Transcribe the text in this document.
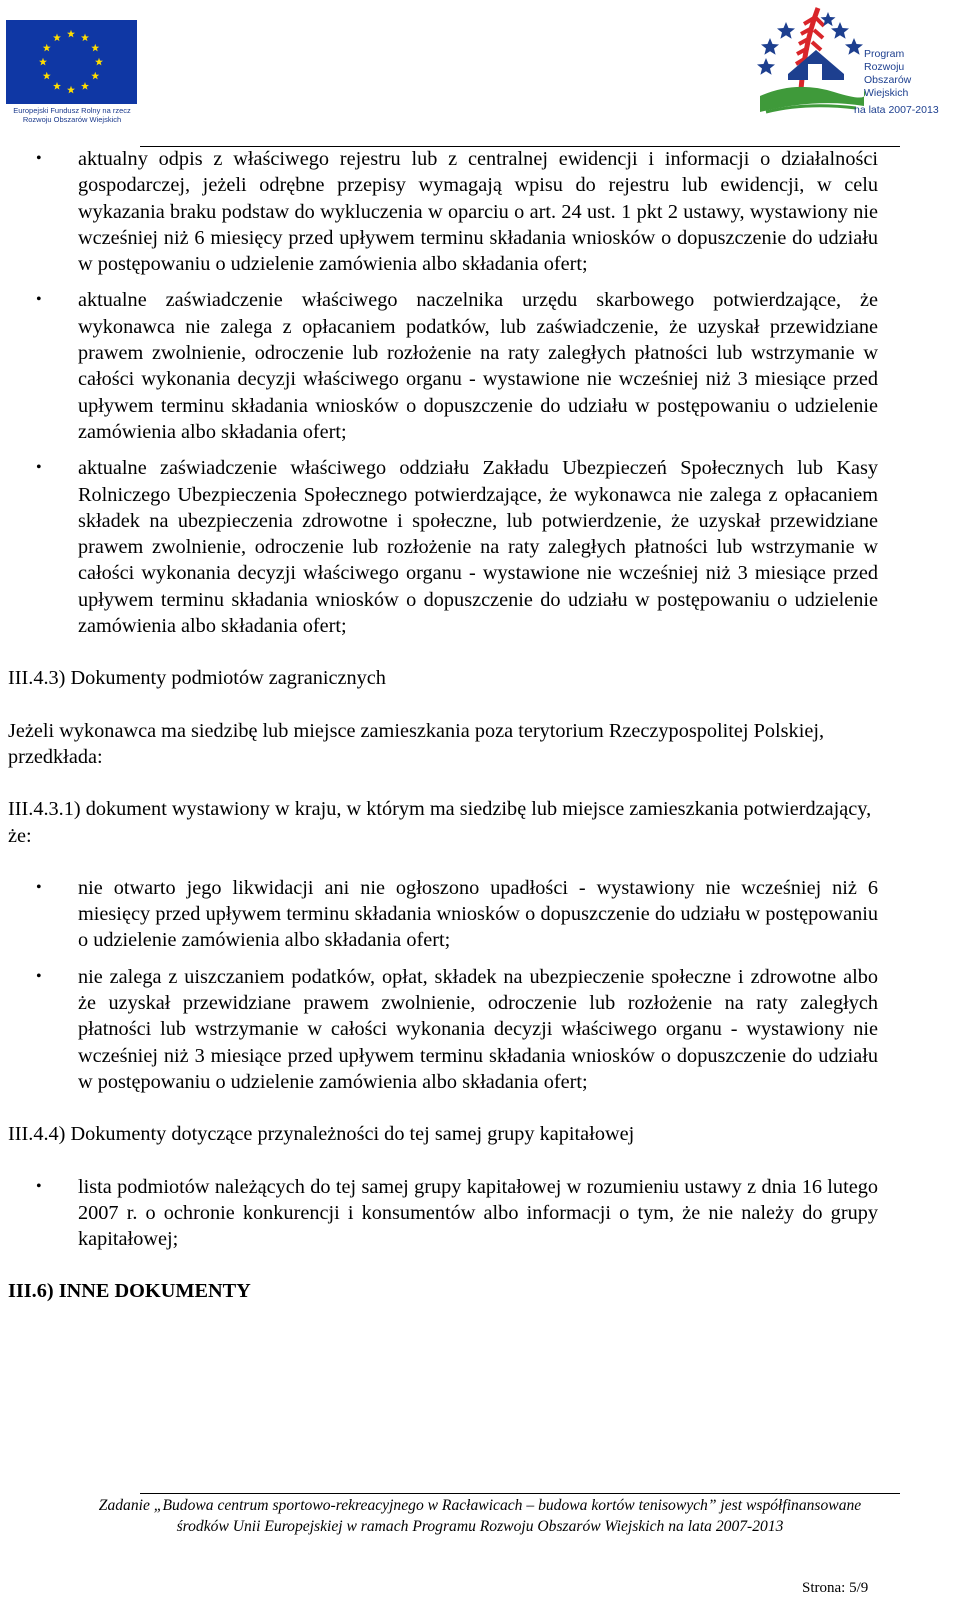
Europejski Fundusz Rolny na rzecz
Rozwoju Obszarów Wiejskich
Program
Rozwoju
Obszarów
Wiejskich
na lata 2007-2013
• aktualny odpis z właściwego rejestru lub z centralnej ewidencji i informacji o działalności gospodarczej, jeżeli odrębne przepisy wymagają wpisu do rejestru lub ewidencji, w celu wykazania braku podstaw do wykluczenia w oparciu o art. 24 ust. 1 pkt 2 ustawy, wystawiony nie wcześniej niż 6 miesięcy przed upływem terminu składania wniosków o dopuszczenie do udziału w postępowaniu o udzielenie zamówienia albo składania ofert;
• aktualne zaświadczenie właściwego naczelnika urzędu skarbowego potwierdzające, że wykonawca nie zalega z opłacaniem podatków, lub zaświadczenie, że uzyskał przewidziane prawem zwolnienie, odroczenie lub rozłożenie na raty zaległych płatności lub wstrzymanie w całości wykonania decyzji właściwego organu - wystawione nie wcześniej niż 3 miesiące przed upływem terminu składania wniosków o dopuszczenie do udziału w postępowaniu o udzielenie zamówienia albo składania ofert;
• aktualne zaświadczenie właściwego oddziału Zakładu Ubezpieczeń Społecznych lub Kasy Rolniczego Ubezpieczenia Społecznego potwierdzające, że wykonawca nie zalega z opłacaniem składek na ubezpieczenia zdrowotne i społeczne, lub potwierdzenie, że uzyskał przewidziane prawem zwolnienie, odroczenie lub rozłożenie na raty zaległych płatności lub wstrzymanie w całości wykonania decyzji właściwego organu - wystawione nie wcześniej niż 3 miesiące przed upływem terminu składania wniosków o dopuszczenie do udziału w postępowaniu o udzielenie zamówienia albo składania ofert;

III.4.3) Dokumenty podmiotów zagranicznych

Jeżeli wykonawca ma siedzibę lub miejsce zamieszkania poza terytorium Rzeczypospolitej Polskiej, przedkłada:

III.4.3.1) dokument wystawiony w kraju, w którym ma siedzibę lub miejsce zamieszkania potwierdzający, że:

• nie otwarto jego likwidacji ani nie ogłoszono upadłości - wystawiony nie wcześniej niż 6 miesięcy przed upływem terminu składania wniosków o dopuszczenie do udziału w postępowaniu o udzielenie zamówienia albo składania ofert;
• nie zalega z uiszczaniem podatków, opłat, składek na ubezpieczenie społeczne i zdrowotne albo że uzyskał przewidziane prawem zwolnienie, odroczenie lub rozłożenie na raty zaległych płatności lub wstrzymanie w całości wykonania decyzji właściwego organu - wystawiony nie wcześniej niż 3 miesiące przed upływem terminu składania wniosków o dopuszczenie do udziału w postępowaniu o udzielenie zamówienia albo składania ofert;

III.4.4) Dokumenty dotyczące przynależności do tej samej grupy kapitałowej

• lista podmiotów należących do tej samej grupy kapitałowej w rozumieniu ustawy z dnia 16 lutego 2007 r. o ochronie konkurencji i konsumentów albo informacji o tym, że nie należy do grupy kapitałowej;

III.6) INNE DOKUMENTY

Zadanie „Budowa centrum sportowo-rekreacyjnego w Racławicach – budowa kortów tenisowych” jest współfinansowane
środków Unii Europejskiej w ramach Programu Rozwoju Obszarów Wiejskich na lata 2007-2013
Strona: 5/9
